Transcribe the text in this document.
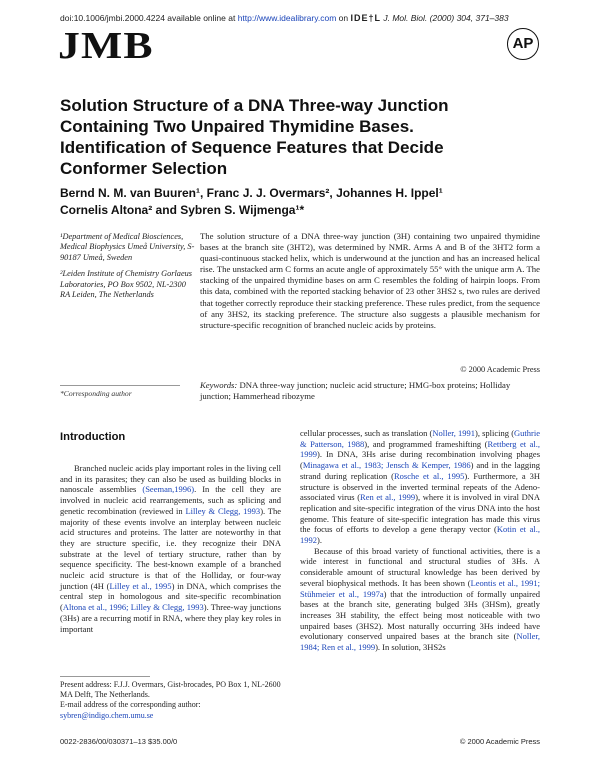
doi:10.1006/jmbi.2000.4224 available online at http://www.idealibrary.com on IDE†L J. Mol. Biol. (2000) 304, 371–383
JMB	AP
Solution Structure of a DNA Three-way Junction
Containing Two Unpaired Thymidine Bases.
Identification of Sequence Features that Decide
Conformer Selection
Bernd N. M. van Buuren¹, Franc J. J. Overmars², Johannes H. Ippel¹
Cornelis Altona² and Sybren S. Wijmenga¹*

¹Department of Medical Biosciences, Medical Biophysics Umeå University, S-90187 Umeå, Sweden

²Leiden Institute of Chemistry Gorlaeus Laboratories, PO Box 9502, NL-2300 RA Leiden, The Netherlands

*Corresponding author

The solution structure of a DNA three-way junction (3H) containing two unpaired thymidine bases at the branch site (3HT2), was determined by NMR. Arms A and B of the 3HT2 form a quasi-continuous stacked helix, which is underwound at the junction and has an increased helical rise. The unstacked arm C forms an acute angle of approximately 55° with the unique arm A. The stacking of the unpaired thymidine bases on arm C resembles the folding of hairpin loops. From this data, combined with the reported stacking behavior of 23 other 3HS2 s, two rules are derived that together correctly reproduce their stacking preference. These rules predict, from the sequence of any 3HS2, its stacking preference. The structure also suggests a plausible mechanism for structure-specific recognition of branched nucleic acids by proteins.

© 2000 Academic Press

Keywords: DNA three-way junction; nucleic acid structure; HMG-box proteins; Holliday junction; Hammerhead ribozyme

Introduction

Branched nucleic acids play important roles in the living cell and in its parasites; they can also be used as building blocks in nanoscale assemblies (Seeman,1996). In the cell they are involved in nucleic acid rearrangements, such as splicing and genetic recombination (reviewed in Lilley & Clegg, 1993). The majority of these events involve an interplay between nucleic acid structures and proteins. The latter are noteworthy in that they are structure specific, i.e. they recognize their DNA substrate at the level of tertiary structure, rather than by sequence specificity. The best-known example of a branched nucleic acid structure is that of the Holliday, or four-way junction (4H (Lilley et al., 1995) in DNA, which comprises the central step in homologous and site-specific recombination (Altona et al., 1996; Lilley & Clegg, 1993). Three-way junctions (3Hs) are a recurring motif in RNA, where they play key roles in important

cellular processes, such as translation (Noller, 1991), splicing (Guthrie & Patterson, 1988), and programmed frameshifting (Rettberg et al., 1999). In DNA, 3Hs arise during recombination involving phages (Minagawa et al., 1983; Jensch & Kemper, 1986) and in the lagging strand during replication (Rosche et al., 1995). Furthermore, a 3H structure is observed in the inverted terminal repeats of the Adeno-associated virus (Ren et al., 1999), where it is involved in viral DNA replication and site-specific integration of the virus DNA into the host genome. This feature of site-specific integration has made this virus the focus of efforts to develop a gene therapy vector (Kotin et al., 1992).

Because of this broad variety of functional activities, there is a wide interest in functional and structural studies of 3Hs. A considerable amount of structural knowledge has been derived by several biophysical methods. It has been shown (Leontis et al., 1991; Stühmeier et al., 1997a) that the introduction of formally unpaired bases at the branch site, generating bulged 3Hs (3HSm), greatly increases 3H stability, the effect being most noticeable with two unpaired bases (3HS2). Most naturally occurring 3Hs indeed have evolutionary conserved unpaired bases at the branch site (Noller, 1984; Ren et al., 1999). In solution, 3HS2s

Present address: F.J.J. Overmars, Gist-brocades, PO Box 1, NL-2600 MA Delft, The Netherlands.

E-mail address of the corresponding author:

sybren@indigo.chem.umu.se

0022-2836/00/030371–13 $35.00/0	© 2000 Academic Press
